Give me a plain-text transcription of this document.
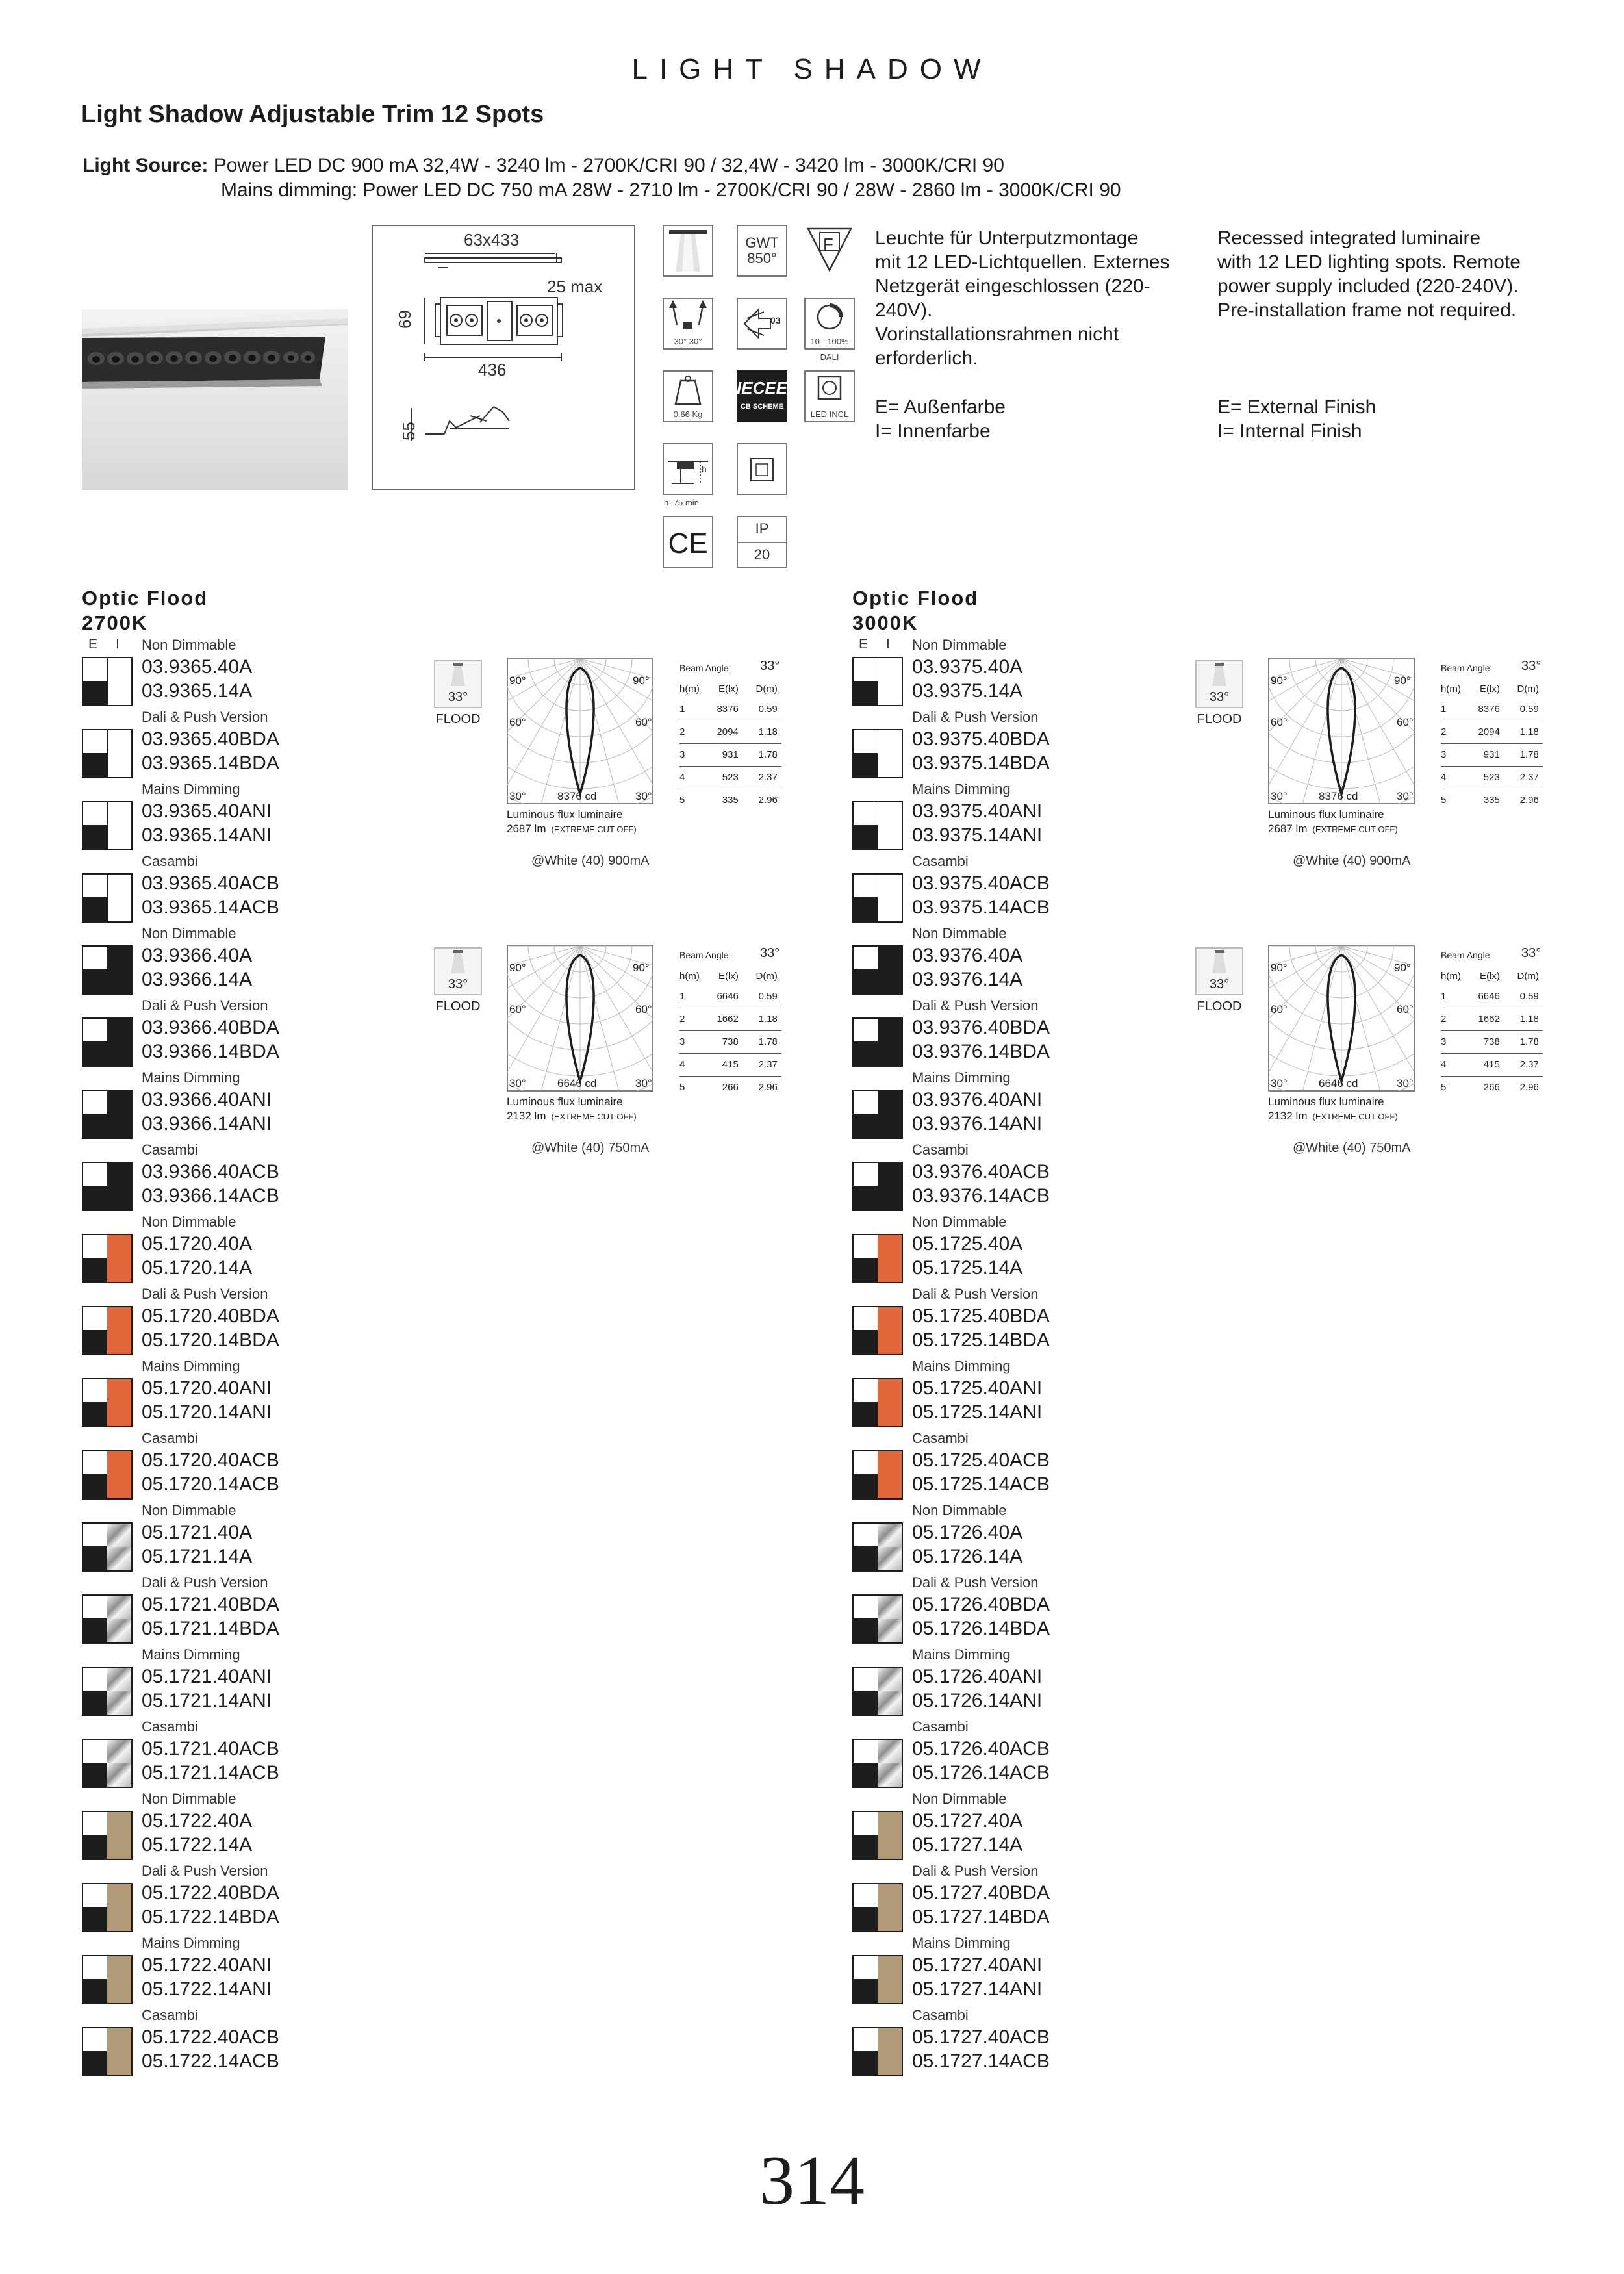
LIGHT SHADOW
Light Shadow Adjustable Trim 12 Spots
Light Source: Power LED DC 900 mA 32,4W - 3240 lm - 2700K/CRI 90 / 32,4W - 3420 lm - 3000K/CRI 90
Mains dimming: Power LED DC 750 mA 28W - 2710 lm - 2700K/CRI 90 / 28W - 2860 lm - 3000K/CRI 90
63x433
25 max
69
436
55
GWT
850°
F
30° 30°
03
10 - 100%
DALI
0,66 Kg
IECEE
CB SCHEME
LED INCL
h
h=75 min
CE	IP
20
Leuchte für Unterputzmontage
mit 12 LED-Lichtquellen. Externes
Netzgerät eingeschlossen (220-
240V).
Vorinstallationsrahmen nicht
erforderlich.
E= Außenfarbe
I= Innenfarbe
Recessed integrated luminaire
with 12 LED lighting spots. Remote
power supply included (220-240V).
Pre-installation frame not required.
E= External Finish
I= Internal Finish
Optic Flood
2700K
E I	Non Dimmable
03.9365.40A
03.9365.14A
Dali & Push Version
03.9365.40BDA
03.9365.14BDA
Mains Dimming
03.9365.40ANI
03.9365.14ANI
Casambi
03.9365.40ACB
03.9365.14ACB
Non Dimmable
03.9366.40A
03.9366.14A
Dali & Push Version
03.9366.40BDA
03.9366.14BDA
Mains Dimming
03.9366.40ANI
03.9366.14ANI
Casambi
03.9366.40ACB
03.9366.14ACB
Non Dimmable
05.1720.40A
05.1720.14A
Dali & Push Version
05.1720.40BDA
05.1720.14BDA
Mains Dimming
05.1720.40ANI
05.1720.14ANI
Casambi
05.1720.40ACB
05.1720.14ACB
Non Dimmable
05.1721.40A
05.1721.14A
Dali & Push Version
05.1721.40BDA
05.1721.14BDA
Mains Dimming
05.1721.40ANI
05.1721.14ANI
Casambi
05.1721.40ACB
05.1721.14ACB
Non Dimmable
05.1722.40A
05.1722.14A
Dali & Push Version
05.1722.40BDA
05.1722.14BDA
Mains Dimming
05.1722.40ANI
05.1722.14ANI
Casambi
05.1722.40ACB
05.1722.14ACB
Optic Flood
3000K
E I	Non Dimmable
03.9375.40A
03.9375.14A
Dali & Push Version
03.9375.40BDA
03.9375.14BDA
Mains Dimming
03.9375.40ANI
03.9375.14ANI
Casambi
03.9375.40ACB
03.9375.14ACB
Non Dimmable
03.9376.40A
03.9376.14A
Dali & Push Version
03.9376.40BDA
03.9376.14BDA
Mains Dimming
03.9376.40ANI
03.9376.14ANI
Casambi
03.9376.40ACB
03.9376.14ACB
Non Dimmable
05.1725.40A
05.1725.14A
Dali & Push Version
05.1725.40BDA
05.1725.14BDA
Mains Dimming
05.1725.40ANI
05.1725.14ANI
Casambi
05.1725.40ACB
05.1725.14ACB
Non Dimmable
05.1726.40A
05.1726.14A
Dali & Push Version
05.1726.40BDA
05.1726.14BDA
Mains Dimming
05.1726.40ANI
05.1726.14ANI
Casambi
05.1726.40ACB
05.1726.14ACB
Non Dimmable
05.1727.40A
05.1727.14A
Dali & Push Version
05.1727.40BDA
05.1727.14BDA
Mains Dimming
05.1727.40ANI
05.1727.14ANI
Casambi
05.1727.40ACB
05.1727.14ACB
33°
FLOOD
90°	90°
60°	60°
30°	30°
8376 cd
Luminous flux luminaire
2687 lm (EXTREME CUT OFF)
@White (40) 900mA
Beam Angle: 33°
h(m)	E(lx)	D(m)
1	8376	0.59
2	2094	1.18
3	931	1.78
4	523	2.37
5	335	2.96
33°
FLOOD
90°	90°
60°	60°
30°	30°
6646 cd
Luminous flux luminaire
2132 lm (EXTREME CUT OFF)
@White (40) 750mA
Beam Angle: 33°
h(m)	E(lx)	D(m)
1	6646	0.59
2	1662	1.18
3	738	1.78
4	415	2.37
5	266	2.96
33°
FLOOD
90°	90°
60°	60°
30°	30°
8376 cd
Luminous flux luminaire
2687 lm (EXTREME CUT OFF)
@White (40) 900mA
Beam Angle: 33°
h(m)	E(lx)	D(m)
1	8376	0.59
2	2094	1.18
3	931	1.78
4	523	2.37
5	335	2.96
33°
FLOOD
90°	90°
60°	60°
30°	30°
6646 cd
Luminous flux luminaire
2132 lm (EXTREME CUT OFF)
@White (40) 750mA
Beam Angle: 33°
h(m)	E(lx)	D(m)
1	6646	0.59
2	1662	1.18
3	738	1.78
4	415	2.37
5	266	2.96
314
